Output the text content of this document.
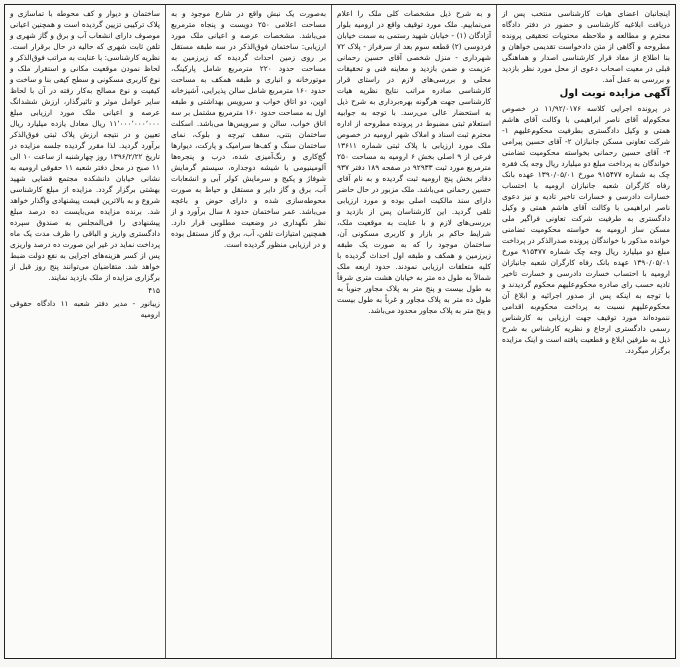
اینجانبان اعضای هیات کارشناسی منتخب پس از دریافت ابلاغیه کارشناسی و حضور در دفتر دادگاه محترم و مطالعه و ملاحظه محتویات تحقیقی پرونده مطروحه و آگاهی از متن دادخواست تقدیمی خواهان و بنا اطلاع از مفاد قرار کارشناسی اصدار و هماهنگی قبلی در معیت اصحاب دعوی از محل مورد نظر بازدید و بررسی به عمل آمد.

آگهی مزایده نوبت اول

در پرونده اجرایی کلاسه ۱۱/۹۲/۰۱۷۶ در خصوص محکوم‌له آقای ناصر ابراهیمی با وکالت آقای هاشم همتی و وکیل دادگستری بطرفیت محکوم‌علیهم ۱- شرکت تعاونی مسکن جانبازان ۲- آقای حسین پیرامی ۳- آقای حسین رحمانی بخواسته محکومیت تضامنی خواندگان به پرداخت مبلغ دو میلیارد ریال وجه یک فقره چک به شماره ۹۱۵۴۷۷ مورخ ۱۳۹۰/۰۵/۰۱ عهده بانک رفاه کارگران شعبه جانبازان ارومیه با احتساب خسارات دادرسی و خسارات تاخیر تادیه و نیز دعوی ناصر ابراهیمی با وکالت آقای هاشم همتی و وکیل دادگستری به طرفیت شرکت تعاونی فراگیر ملی مسکن ساز ارومیه به خواسته محکومیت تضامنی خوانده مذکور با خواندگان پرونده صدرالذکر در پرداخت مبلغ دو میلیارد ریال وجه چک شماره ۹۱۵۴۷۷ مورخ ۱۳۹۰/۰۵/۰۱ عهده بانک رفاه کارگران شعبه جانبازان ارومیه با احتساب خسارت دادرسی و خسارت تاخیر تادیه حسب رای صادره محکوم‌علیهم محکوم گردیدند و با توجه به اینکه پس از صدور اجرائیه و ابلاغ آن محکوم‌علیهم نسبت به پرداخت محکوم‌به اقدامی ننموده‌اند مورد توقیف جهت ارزیابی به کارشناس رسمی دادگستری ارجاع و نظریه کارشناس به شرح ذیل به طرفین ابلاغ و قطعیت یافته است و اینک مزایده برگزار میگردد.

و به شرح ذیل مشخصات کلی ملک را اعلام می‌نماییم. ملک مورد توقیف واقع در ارومیه بلوار آزادگان (۱) - خیابان شهید رستمی به سمت خیابان فردوسی (۲) قطعه سوم بعد از سرفراز - پلاک ۷۲ شهرداری - منزل شخصی آقای حسین رحمانی عزیمت و ضمن بازدید و معاینه فنی و تحقیقات محلی و بررسی‌های لازم در راستای قرار کارشناسی صادره مراتب نتایج نظریه هیات کارشناسی جهت هرگونه بهره‌برداری به شرح ذیل به استحضار عالی می‌رسد. با توجه به جوابیه استعلام ثبتی مضبوط در پرونده مطروحه از اداره محترم ثبت اسناد و املاک شهر ارومیه در خصوص ملک مورد ارزیابی با پلاک ثبتی شماره ۱۳۶۱۱ فرعی از ۹ اصلی بخش ۶ ارومیه به مساحت ۲۵۰ مترمربع مورد ثبت ۹۲۹۳۳ در صفحه ۱۸۹ دفتر ۹۳۷ دفاتر بخش پنج ارومیه ثبت گردیده و به نام آقای حسین رحمانی می‌باشد. ملک مزبور در حال حاضر دارای سند مالکیت اصلی بوده و مورد ارزیابی تلقی گردید. این کارشناسان پس از بازدید و بررسی‌های لازم و با عنایت به موقعیت ملک، شرایط حاکم بر بازار و کاربری مسکونی آن، ساختمان موجود را که به صورت یک طبقه زیرزمین و همکف و طبقه اول احداث گردیده با کلیه متعلقات ارزیابی نمودند. حدود اربعه ملک شمالاً به طول ده متر به خیابان هشت متری شرقاً به طول بیست و پنج متر به پلاک مجاور جنوباً به طول ده متر به پلاک مجاور و غرباً به طول بیست و پنج متر به پلاک مجاور محدود می‌باشد.

به‌صورت یک نبش واقع در شارع موجود و به مساحت اعلامی ۲۵۰ دویست و پنجاه مترمربع می‌باشد. مشخصات عرصه و اعیانی ملک مورد ارزیابی: ساختمان فوق‌الذکر در سه طبقه مستقل بر روی زمین احداث گردیده که زیرزمین به مساحت حدود ۲۲۰ مترمربع شامل پارکینگ، موتورخانه و انباری و طبقه همکف به مساحت حدود ۱۶۰ مترمربع شامل سالن پذیرایی، آشپزخانه اوپن، دو اتاق خواب و سرویس بهداشتی و طبقه اول به مساحت حدود ۱۶۰ مترمربع مشتمل بر سه اتاق خواب، سالن و سرویس‌ها می‌باشد. اسکلت ساختمان بتنی، سقف تیرچه و بلوک، نمای ساختمان سنگ و کف‌ها سرامیک و پارکت، دیوارها گچ‌کاری و رنگ‌آمیزی شده، درب و پنجره‌ها آلومینیومی با شیشه دوجداره، سیستم گرمایش شوفاژ و پکیج و سرمایش کولر آبی و انشعابات آب، برق و گاز دایر و مستقل و حیاط به صورت محوطه‌سازی شده و دارای حوض و باغچه می‌باشد. عمر ساختمان حدود ۸ سال برآورد و از نظر نگهداری در وضعیت مطلوبی قرار دارد. همچنین امتیازات تلفن، آب، برق و گاز مستقل بوده و در ارزیابی منظور گردیده است.

ساختمان و دیوار و کف محوطه با تماسازی و پلاک ترکیبی تزیین گردیده است و همچنین اعیانی موصوف دارای انشعاب آب و برق و گاز شهری و تلفن ثابت شهری که حالیه در حال برقرار است. نظریه کارشناسی: با عنایت به مراتب فوق‌الذکر و لحاظ نمودن موقعیت مکانی و استقرار ملک و نوع کاربری مسکونی و سطح کیفی بنا و ساخت و کیفیت و نوع مصالح به‌کار رفته در آن با لحاظ سایر عوامل موثر و تاثیرگذار، ارزش ششدانگ عرصه و اعیانی ملک مورد ارزیابی مبلغ ۱۱٬۰۰۰٬۰۰۰٬۰۰۰ ریال معادل یازده میلیارد ریال تعیین و در نتیجه ارزش پلاک ثبتی فوق‌الذکر برآورد گردید. لذا مقرر گردیده جلسه مزایده در تاریخ ۱۳۹۶/۲/۲۲ روز چهارشنبه از ساعت ۱۰ الی ۱۱ صبح در محل دفتر شعبه ۱۱ حقوقی ارومیه به نشانی خیابان دانشکده مجتمع قضایی شهید بهشتی برگزار گردد. مزایده از مبلغ کارشناسی شروع و به بالاترین قیمت پیشنهادی واگذار خواهد شد. برنده مزایده می‌بایست ده درصد مبلغ پیشنهادی را فی‌المجلس به صندوق سپرده دادگستری واریز و الباقی را ظرف مدت یک ماه پرداخت نماید در غیر این صورت ده درصد واریزی پس از کسر هزینه‌های اجرایی به نفع دولت ضبط خواهد شد. متقاضیان می‌توانند پنج روز قبل از برگزاری مزایده از ملک بازدید نمایند.

۴۱۵
زیبانور - مدیر دفتر شعبه ۱۱ دادگاه حقوقی ارومیه
